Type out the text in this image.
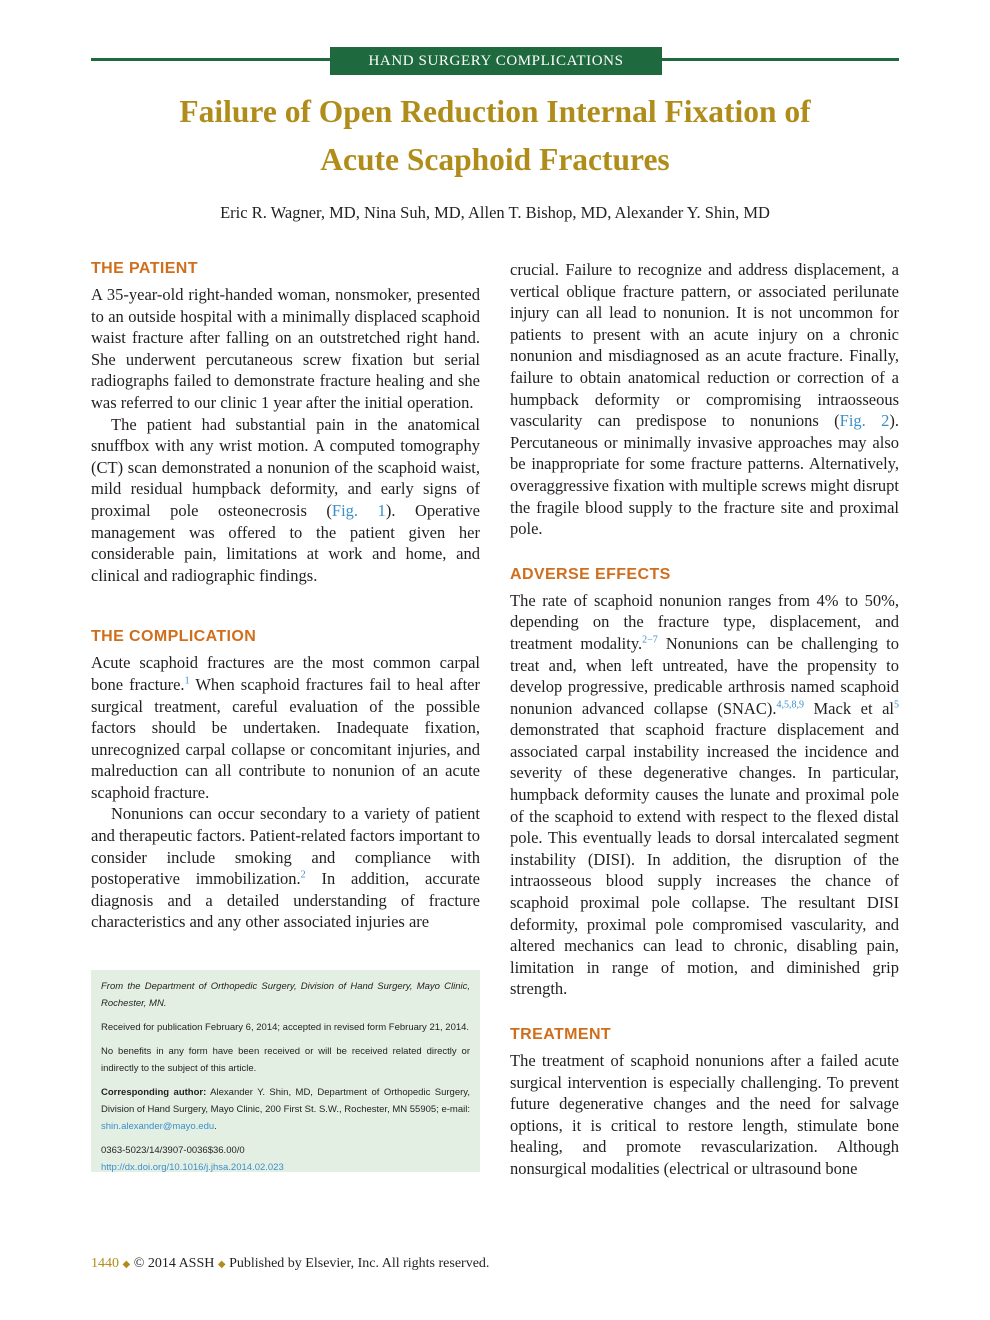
HAND SURGERY COMPLICATIONS
Failure of Open Reduction Internal Fixation of
Acute Scaphoid Fractures
Eric R. Wagner, MD, Nina Suh, MD, Allen T. Bishop, MD, Alexander Y. Shin, MD
THE PATIENT

A 35-year-old right-handed woman, nonsmoker, presented to an outside hospital with a minimally displaced scaphoid waist fracture after falling on an outstretched right hand. She underwent percutaneous screw fixation but serial radiographs failed to demonstrate fracture healing and she was referred to our clinic 1 year after the initial operation.

The patient had substantial pain in the anatomical snuffbox with any wrist motion. A computed tomography (CT) scan demonstrated a nonunion of the scaphoid waist, mild residual humpback deformity, and early signs of proximal pole osteonecrosis (Fig. 1). Operative management was offered to the patient given her considerable pain, limitations at work and home, and clinical and radiographic findings.

THE COMPLICATION

Acute scaphoid fractures are the most common carpal bone fracture.$^1$ When scaphoid fractures fail to heal after surgical treatment, careful evaluation of the possible factors should be undertaken. Inadequate fixation, unrecognized carpal collapse or concomitant injuries, and malreduction can all contribute to nonunion of an acute scaphoid fracture.

Nonunions can occur secondary to a variety of patient and therapeutic factors. Patient-related factors important to consider include smoking and compliance with postoperative immobilization.$^2$ In addition, accurate diagnosis and a detailed understanding of fracture characteristics and any other associated injuries are

From the Department of Orthopedic Surgery, Division of Hand Surgery, Mayo Clinic, Rochester, MN.

Received for publication February 6, 2014; accepted in revised form February 21, 2014.

No benefits in any form have been received or will be received related directly or indirectly to the subject of this article.

Corresponding author: Alexander Y. Shin, MD, Department of Orthopedic Surgery, Division of Hand Surgery, Mayo Clinic, 200 First St. S.W., Rochester, MN 55905; e-mail: shin.alexander@mayo.edu.

0363-5023/14/3907-0036$36.00/0

http://dx.doi.org/10.1016/j.jhsa.2014.02.023

crucial. Failure to recognize and address displacement, a vertical oblique fracture pattern, or associated perilunate injury can all lead to nonunion. It is not uncommon for patients to present with an acute injury on a chronic nonunion and misdiagnosed as an acute fracture. Finally, failure to obtain anatomical reduction or correction of a humpback deformity or compromising intraosseous vascularity can predispose to nonunions (Fig. 2). Percutaneous or minimally invasive approaches may also be inappropriate for some fracture patterns. Alternatively, overaggressive fixation with multiple screws might disrupt the fragile blood supply to the fracture site and proximal pole.

ADVERSE EFFECTS

The rate of scaphoid nonunion ranges from 4% to 50%, depending on the fracture type, displacement, and treatment modality.$^{2-7}$ Nonunions can be challenging to treat and, when left untreated, have the propensity to develop progressive, predicable arthrosis named scaphoid nonunion advanced collapse (SNAC).$^{4,5,8,9}$ Mack et al$^5$ demonstrated that scaphoid fracture displacement and associated carpal instability increased the incidence and severity of these degenerative changes. In particular, humpback deformity causes the lunate and proximal pole of the scaphoid to extend with respect to the flexed distal pole. This eventually leads to dorsal intercalated segment instability (DISI). In addition, the disruption of the intraosseous blood supply increases the chance of scaphoid proximal pole collapse. The resultant DISI deformity, proximal pole compromised vascularity, and altered mechanics can lead to chronic, disabling pain, limitation in range of motion, and diminished grip strength.

TREATMENT

The treatment of scaphoid nonunions after a failed acute surgical intervention is especially challenging. To prevent future degenerative changes and the need for salvage options, it is critical to restore length, stimulate bone healing, and promote revascularization. Although nonsurgical modalities (electrical or ultrasound bone

1440 ◆ © 2014 ASSH ◆ Published by Elsevier, Inc. All rights reserved.
